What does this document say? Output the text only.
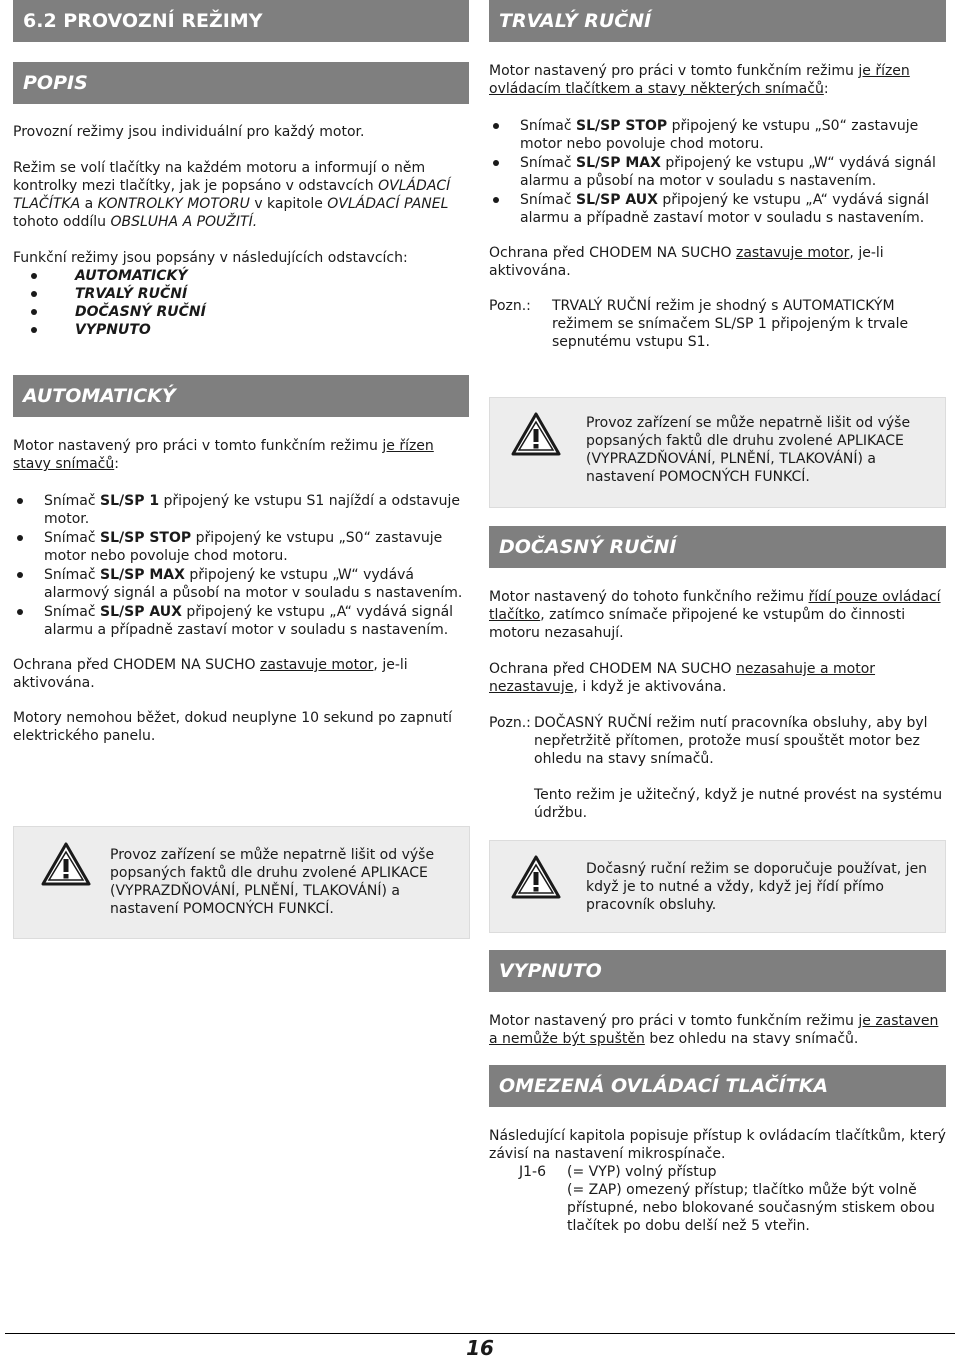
6.2 PROVOZNÍ REŽIMY
POPIS

Provozní režimy jsou individuální pro každý motor.

Režim se volí tlačítky na každém motoru a informují o něm kontrolky mezi tlačítky, jak je popsáno v odstavcích OVLÁDACÍ TLAČÍTKA a KONTROLKY MOTORU v kapitole OVLÁDACÍ PANEL tohoto oddílu OBSLUHA A POUŽITÍ.

Funkční režimy jsou popsány v následujících odstavcích:

AUTOMATICKÝ
TRVALÝ RUČNÍ
DOČASNÝ RUČNÍ
VYPNUTO
AUTOMATICKÝ

Motor nastavený pro práci v tomto funkčním režimu je řízen stavy snímačů:

Snímač SL/SP 1 připojený ke vstupu S1 najíždí a odstavuje motor.
Snímač SL/SP STOP připojený ke vstupu „S0“ zastavuje motor nebo povoluje chod motoru.
Snímač SL/SP MAX připojený ke vstupu „W“ vydává alarmový signál a působí na motor v souladu s nastavením.
Snímač SL/SP AUX připojený ke vstupu „A“ vydává signál alarmu a případně zastaví motor v souladu s nastavením.

Ochrana před CHODEM NA SUCHO zastavuje motor, je-li aktivována.

Motory nemohou běžet, dokud neuplyne 10 sekund po zapnutí elektrického panelu.

Provoz zařízení se může nepatrně lišit od výše popsaných faktů dle druhu zvolené APLIKACE (VYPRAZDŇOVÁNÍ, PLNĚNÍ, TLAKOVÁNÍ) a nastavení POMOCNÝCH FUNKCÍ.
TRVALÝ RUČNÍ

Motor nastavený pro práci v tomto funkčním režimu je řízen ovládacím tlačítkem a stavy některých snímačů:

Snímač SL/SP STOP připojený ke vstupu „S0“ zastavuje motor nebo povoluje chod motoru.
Snímač SL/SP MAX připojený ke vstupu „W“ vydává signál alarmu a působí na motor v souladu s nastavením.
Snímač SL/SP AUX připojený ke vstupu „A“ vydává signál alarmu a případně zastaví motor v souladu s nastavením.

Ochrana před CHODEM NA SUCHO zastavuje motor, je-li aktivována.

Pozn.: TRVALÝ RUČNÍ režim je shodný s AUTOMATICKÝM režimem se snímačem SL/SP 1 připojeným k trvale sepnutému vstupu S1.
Provoz zařízení se může nepatrně lišit od výše popsaných faktů dle druhu zvolené APLIKACE (VYPRAZDŇOVÁNÍ, PLNĚNÍ, TLAKOVÁNÍ) a nastavení POMOCNÝCH FUNKCÍ.
DOČASNÝ RUČNÍ

Motor nastavený do tohoto funkčního režimu řídí pouze ovládací tlačítko, zatímco snímače připojené ke vstupům do činnosti motoru nezasahují.

Ochrana před CHODEM NA SUCHO nezasahuje a motor nezastavuje, i když je aktivována.

Pozn.: DOČASNÝ RUČNÍ režim nutí pracovníka obsluhy, aby byl nepřetržitě přítomen, protože musí spouštět motor bez ohledu na stavy snímačů.

Tento režim je užitečný, když je nutné provést na systému údržbu.

Dočasný ruční režim se doporučuje používat, jen když je to nutné a vždy, když jej řídí přímo pracovník obsluhy.
VYPNUTO

Motor nastavený pro práci v tomto funkčním režimu je zastaven a nemůže být spuštěn bez ohledu na stavy snímačů.

OMEZENÁ OVLÁDACÍ TLAČÍTKA

Následující kapitola popisuje přístup k ovládacím tlačítkům, který závisí na nastavení mikrospínače.

J1-6 (= VYP) volný přístup

(= ZAP) omezený přístup; tlačítko může být volně přístupné, nebo blokované současným stiskem obou tlačítek po dobu delší než 5 vteřin.

16
